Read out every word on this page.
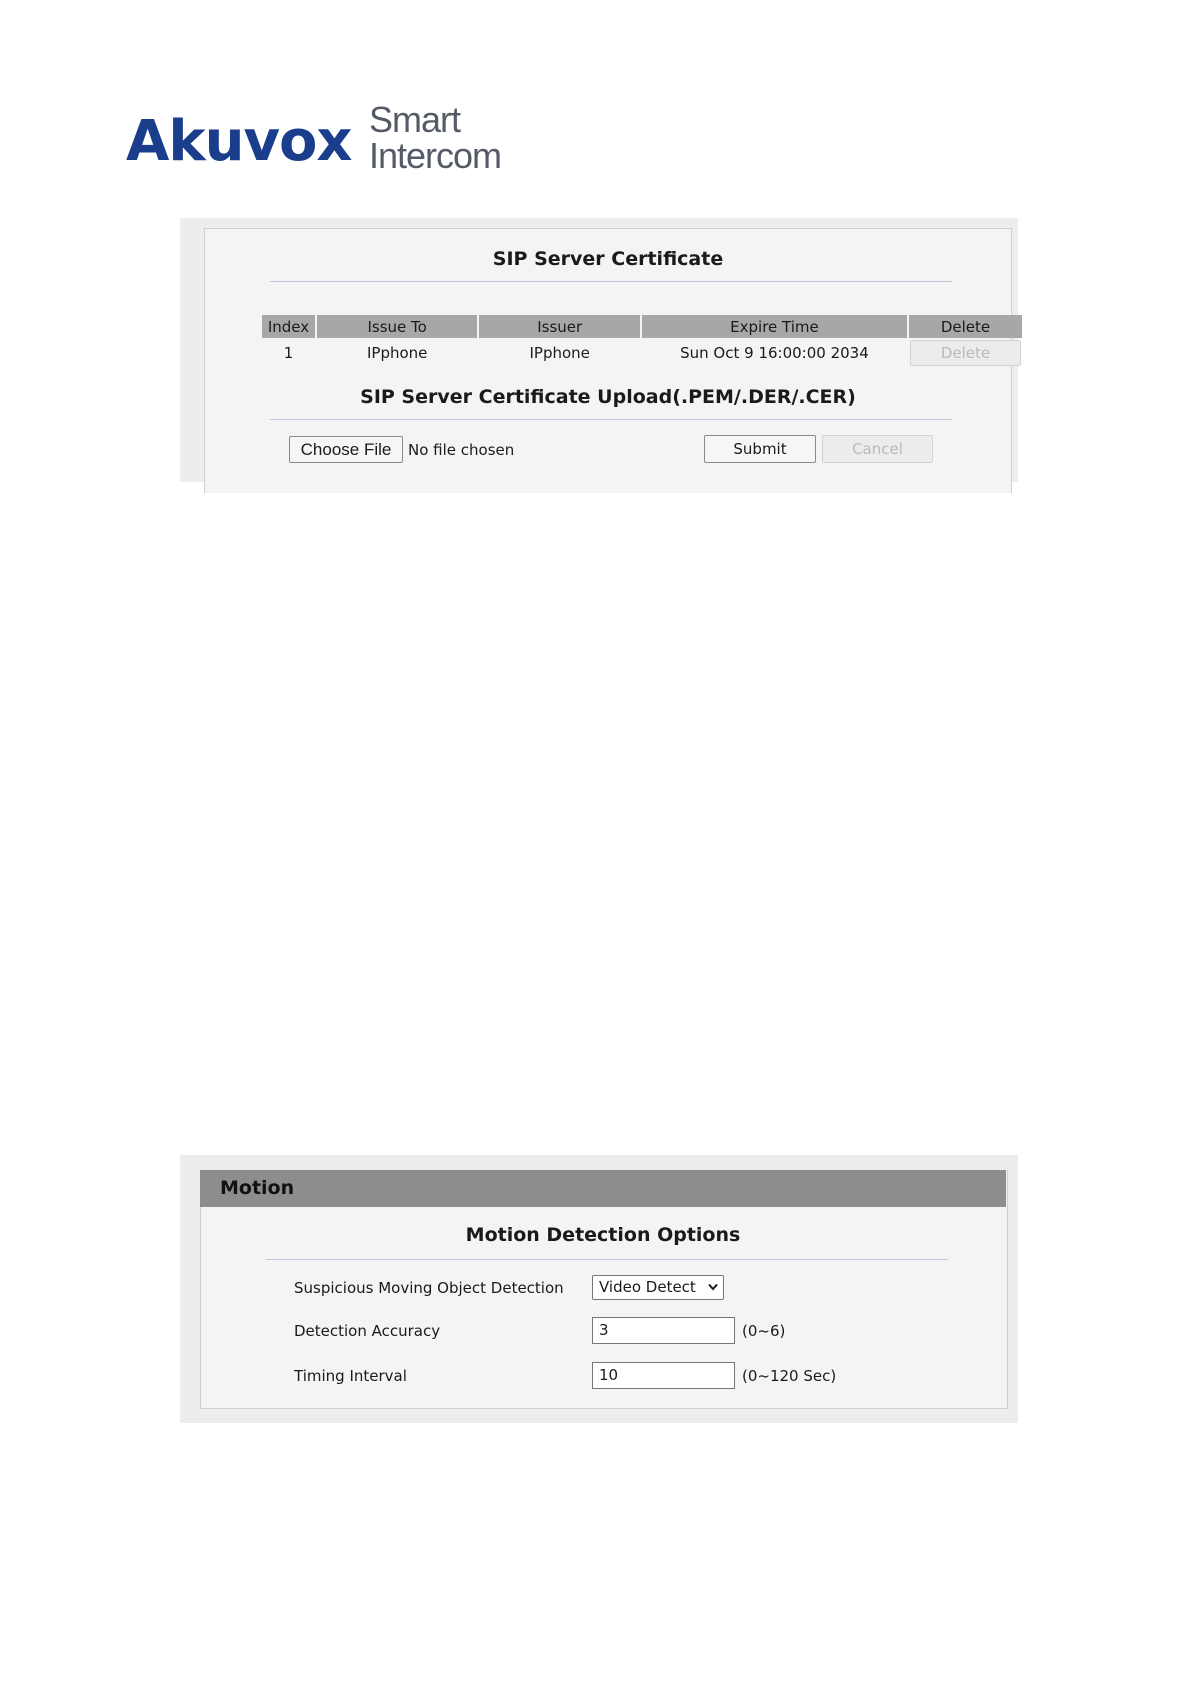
Akuvox Smart
Intercom
SIP Server Certificate
Index	Issue To	Issuer	Expire Time	Delete
1	IPphone	IPphone	Sun Oct 9 16:00:00 2034	Delete
SIP Server Certificate Upload(.PEM/.DER/.CER)
Choose File	No file chosen	Submit	Cancel
Motion
Motion Detection Options
Suspicious Moving Object Detection	Video Detect
Detection Accuracy	3	(0~6)
Timing Interval	10	(0~120 Sec)
